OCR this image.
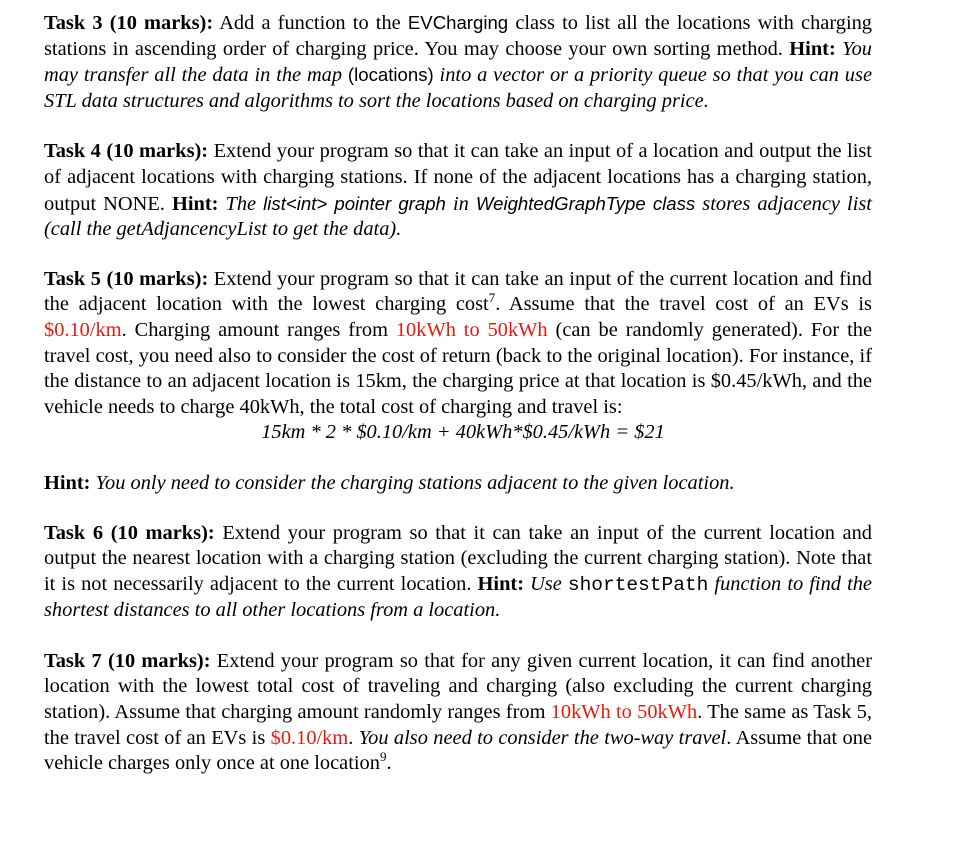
Task 3 (10 marks): Add a function to the EVCharging class to list all the locations with charging stations in ascending order of charging price. You may choose your own sorting method. Hint: You may transfer all the data in the map (locations) into a vector or a priority queue so that you can use STL data structures and algorithms to sort the locations based on charging price.

Task 4 (10 marks): Extend your program so that it can take an input of a location and output the list of adjacent locations with charging stations. If none of the adjacent locations has a charging station, output NONE. Hint: The list<int> pointer graph in WeightedGraphType class stores adjacency list (call the getAdjancencyList to get the data).

Task 5 (10 marks): Extend your program so that it can take an input of the current location and find the adjacent location with the lowest charging cost$^7$. Assume that the travel cost of an EVs is $0.10/km. Charging amount ranges from 10kWh to 50kWh (can be randomly generated). For the travel cost, you need also to consider the cost of return (back to the original location). For instance, if the distance to an adjacent location is 15km, the charging price at that location is $0.45/kWh, and the vehicle needs to charge 40kWh, the total cost of charging and travel is:

15km * 2 * $0.10/km + 40kWh*$0.45/kWh = $21

Hint: You only need to consider the charging stations adjacent to the given location.

Task 6 (10 marks): Extend your program so that it can take an input of the current location and output the nearest location with a charging station (excluding the current charging station). Note that it is not necessarily adjacent to the current location. Hint: Use shortestPath function to find the shortest distances to all other locations from a location.

Task 7 (10 marks): Extend your program so that for any given current location, it can find another location with the lowest total cost of traveling and charging (also excluding the current charging station). Assume that charging amount randomly ranges from 10kWh to 50kWh. The same as Task 5, the travel cost of an EVs is $0.10/km. You also need to consider the two-way travel. Assume that one vehicle charges only once at one location$^9$.
